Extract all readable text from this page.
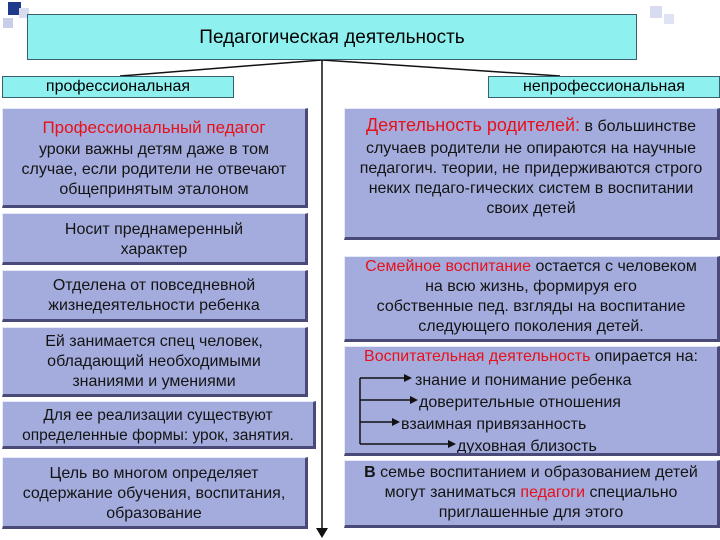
Педагогическая деятельность
профессиональная	непрофессиональная
Профессиональный педагог
уроки важны детям даже в том случае, если родители не отвечают общепринятым эталоном
Носит преднамеренный характер
Отделена от повседневной жизнедеятельности ребенка
Ей занимается спец человек, обладающий необходимыми знаниями и умениями
Для ее реализации существуют определенные формы: урок, занятия.
Цель во многом определяет содержание обучения, воспитания, образование
Деятельность родителей: в большинстве
случаев родители не опираются на научные педагогич. теории, не придерживаются строго неких педаго-гических систем в воспитании своих детей
Семейное воспитание остается с человеком
на всю жизнь, формируя его собственные пед. взгляды на воспитание следующего поколения детей.
Воспитательная деятельность опирается на:
знание и понимание ребенка
доверительные отношения
взаимная привязанность
духовная близость
В семье воспитанием и образованием детей могут заниматься педагоги специально приглашенные для этого
